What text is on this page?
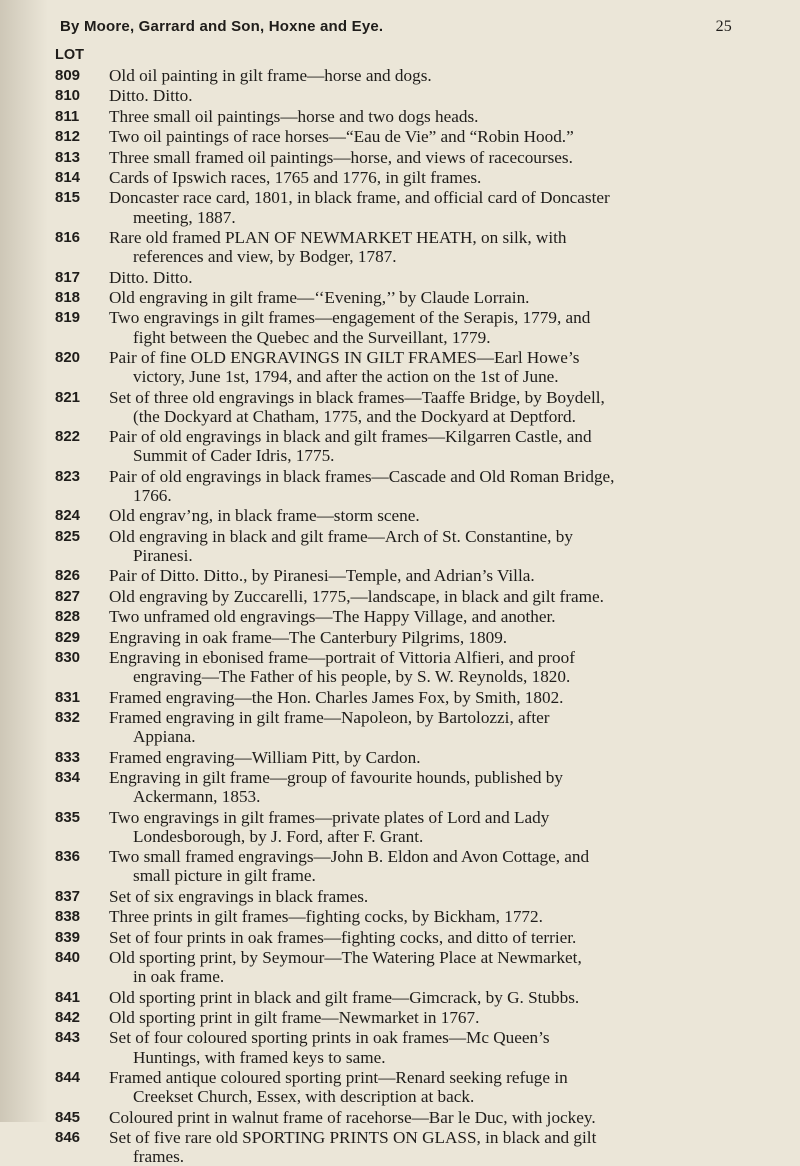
By Moore, Garrard and Son, Hoxne and Eye.	25
LOT
809	Old oil painting in gilt frame—horse and dogs.
810	Ditto. Ditto.
811	Three small oil paintings—horse and two dogs heads.
812	Two oil paintings of race horses—“Eau de Vie” and “Robin Hood.”
813	Three small framed oil paintings—horse, and views of racecourses.
814	Cards of Ipswich races, 1765 and 1776, in gilt frames.
815	Doncaster race card, 1801, in black frame, and official card of Doncaster
meeting, 1887.
816	Rare old framed PLAN OF NEWMARKET HEATH, on silk, with
references and view, by Bodger, 1787.
817	Ditto. Ditto.
818	Old engraving in gilt frame—‘‘Evening,’’ by Claude Lorrain.
819	Two engravings in gilt frames—engagement of the Serapis, 1779, and
fight between the Quebec and the Surveillant, 1779.
820	Pair of fine OLD ENGRAVINGS IN GILT FRAMES—Earl Howe’s
victory, June 1st, 1794, and after the action on the 1st of June.
821	Set of three old engravings in black frames—Taaffe Bridge, by Boydell,
(the Dockyard at Chatham, 1775, and the Dockyard at Deptford.
822	Pair of old engravings in black and gilt frames—Kilgarren Castle, and
Summit of Cader Idris, 1775.
823	Pair of old engravings in black frames—Cascade and Old Roman Bridge,
1766.
824	Old engrav’ng, in black frame—storm scene.
825	Old engraving in black and gilt frame—Arch of St. Constantine, by
Piranesi.
826	Pair of Ditto. Ditto., by Piranesi—Temple, and Adrian’s Villa.
827	Old engraving by Zuccarelli, 1775,—landscape, in black and gilt frame.
828	Two unframed old engravings—The Happy Village, and another.
829	Engraving in oak frame—The Canterbury Pilgrims, 1809.
830	Engraving in ebonised frame—portrait of Vittoria Alfieri, and proof
engraving—The Father of his people, by S. W. Reynolds, 1820.
831	Framed engraving—the Hon. Charles James Fox, by Smith, 1802.
832	Framed engraving in gilt frame—Napoleon, by Bartolozzi, after
Appiana.
833	Framed engraving—William Pitt, by Cardon.
834	Engraving in gilt frame—group of favourite hounds, published by
Ackermann, 1853.
835	Two engravings in gilt frames—private plates of Lord and Lady
Londesborough, by J. Ford, after F. Grant.
836	Two small framed engravings—John B. Eldon and Avon Cottage, and
small picture in gilt frame.
837	Set of six engravings in black frames.
838	Three prints in gilt frames—fighting cocks, by Bickham, 1772.
839	Set of four prints in oak frames—fighting cocks, and ditto of terrier.
840	Old sporting print, by Seymour—The Watering Place at Newmarket,
in oak frame.
841	Old sporting print in black and gilt frame—Gimcrack, by G. Stubbs.
842	Old sporting print in gilt frame—Newmarket in 1767.
843	Set of four coloured sporting prints in oak frames—Mc Queen’s
Huntings, with framed keys to same.
844	Framed antique coloured sporting print—Renard seeking refuge in
Creekset Church, Essex, with description at back.
845	Coloured print in walnut frame of racehorse—Bar le Duc, with jockey.
846	Set of five rare old SPORTING PRINTS ON GLASS, in black and gilt
frames.
